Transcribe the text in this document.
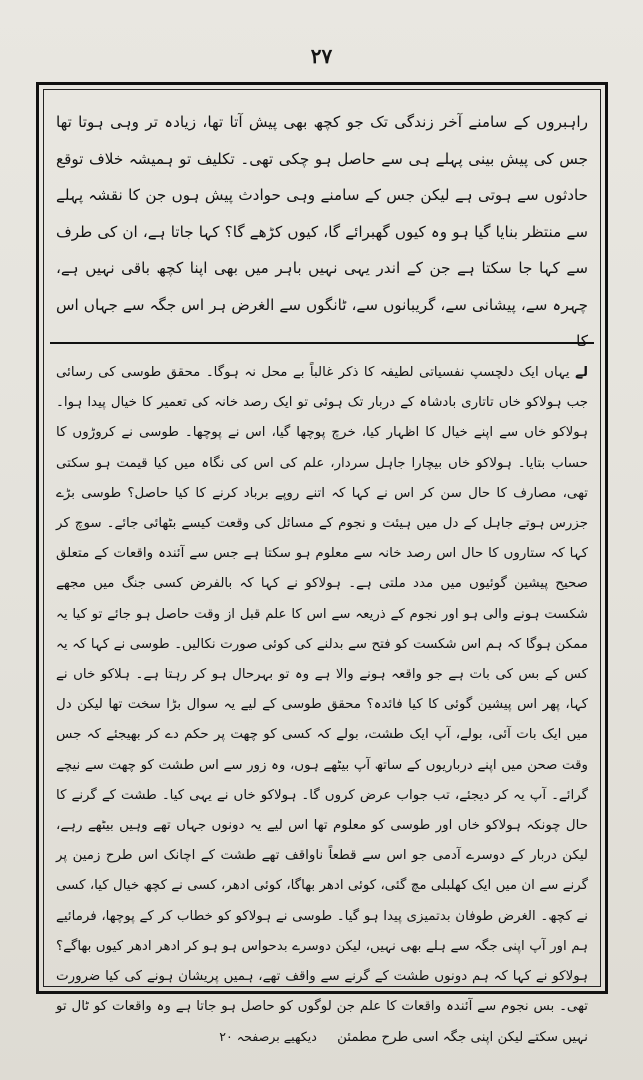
۲۷
راہبروں کے سامنے آخر زندگی تک جو کچھ بھی پیش آتا تھا، زیادہ تر وہی ہوتا تھا جس کی پیش بینی پہلے ہی سے حاصل ہو چکی تھی۔ تکلیف تو ہمیشہ خلاف توقع حادثوں سے ہوتی ہے لیکن جس کے سامنے وہی حوادث پیش ہوں جن کا نقشہ پہلے سے منتظر بنایا گیا ہو وہ کیوں گھبرائے گا، کیوں کڑھے گا؟ کہا جاتا ہے، ان کی طرف سے کہا جا سکتا ہے جن کے اندر یہی نہیں باہر میں بھی اپنا کچھ باقی نہیں ہے، چہرہ سے، پیشانی سے، گریبانوں سے، ٹانگوں سے الغرض ہر اس جگہ سے جہاں اس کا
لے یہاں ایک دلچسپ نفسیاتی لطیفہ کا ذکر غالباً بے محل نہ ہوگا۔ محقق طوسی کی رسائی جب ہولاکو خاں تاتاری بادشاہ کے دربار تک ہوئی تو ایک رصد خانہ کی تعمیر کا خیال پیدا ہوا۔ ہولاکو خاں سے اپنے خیال کا اظہار کیا، خرچ پوچھا گیا، اس نے پوچھا۔ طوسی نے کروڑوں کا حساب بتایا۔ ہولاکو خاں بیچارا جاہل سردار، علم کی اس کی نگاہ میں کیا قیمت ہو سکتی تھی، مصارف کا حال سن کر اس نے کہا کہ اتنے روپے برباد کرنے کا کیا حاصل؟ طوسی بڑے جزرس ہوتے جاہل کے دل میں ہیئت و نجوم کے مسائل کی وقعت کیسے بٹھائی جائے۔ سوچ کر کہا کہ ستاروں کا حال اس رصد خانہ سے معلوم ہو سکتا ہے جس سے آئندہ واقعات کے متعلق صحیح پیشین گوئیوں میں مدد ملتی ہے۔ ہولاکو نے کہا کہ بالفرض کسی جنگ میں مجھے شکست ہونے والی ہو اور نجوم کے ذریعہ سے اس کا علم قبل از وقت حاصل ہو جائے تو کیا یہ ممکن ہوگا کہ ہم اس شکست کو فتح سے بدلنے کی کوئی صورت نکالیں۔ طوسی نے کہا کہ یہ کس کے بس کی بات ہے جو واقعہ ہونے والا ہے وہ تو بہرحال ہو کر رہتا ہے۔ ہلاکو خاں نے کہا، پھر اس پیشین گوئی کا کیا فائدہ؟ محقق طوسی کے لیے یہ سوال بڑا سخت تھا لیکن دل میں ایک بات آئی، بولے، آپ ایک طشت، بولے کہ کسی کو چھت پر حکم دے کر بھیجئے کہ جس وقت صحن میں اپنے درباریوں کے ساتھ آپ بیٹھے ہوں، وہ زور سے اس طشت کو چھت سے نیچے گرائے۔ آپ یہ کر دیجئے، تب جواب عرض کروں گا۔ ہولاکو خاں نے یہی کیا۔ طشت کے گرنے کا حال چونکہ ہولاکو خاں اور طوسی کو معلوم تھا اس لیے یہ دونوں جہاں تھے وہیں بیٹھے رہے، لیکن دربار کے دوسرے آدمی جو اس سے قطعاً ناواقف تھے طشت کے اچانک اس طرح زمین پر گرنے سے ان میں ایک کھلبلی مچ گئی، کوئی ادھر بھاگا، کوئی ادھر، کسی نے کچھ خیال کیا، کسی نے کچھ۔ الغرض طوفان بدتمیزی پیدا ہو گیا۔ طوسی نے ہولاکو کو خطاب کر کے پوچھا، فرمائیے ہم اور آپ اپنی جگہ سے ہلے بھی نہیں، لیکن دوسرے بدحواس ہو ہو کر ادھر ادھر کیوں بھاگے؟ ہولاکو نے کہا کہ ہم دونوں طشت کے گرنے سے واقف تھے، ہمیں پریشان ہونے کی کیا ضرورت تھی۔ بس نجوم سے آئندہ واقعات کا علم جن لوگوں کو حاصل ہو جاتا ہے وہ واقعات کو ٹال تو نہیں سکتے لیکن اپنی جگہ اسی طرح مطمئن دیکھیے برصفحہ ۲۰
